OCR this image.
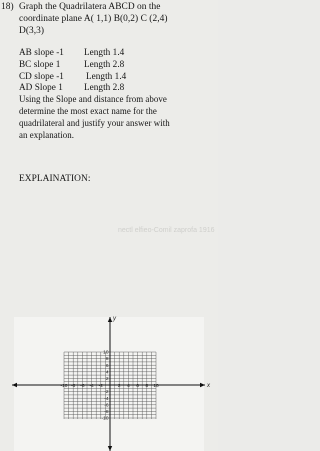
18) Graph the Quadrilatera ABCD on the
coordinate plane A( 1,1) B(0,2) C (2,4)
D(3,3)
AB slope -1 Length 1.4
BC slope 1	Length 2.8
CD slope -1 Length 1.4
AD Slope 1 Length 2.8
Using the Slope and distance from above
determine the most exact name for the
quadrilateral and justify your answer with
an explanation.
EXPLAINATION:
nectl elfieo-Comil zaprofa 1916
y
x
-10 -8 -6 -4 -2	2 4 6 8 10
10
8
6
4
2
-2
-4
-6
-8
-10
